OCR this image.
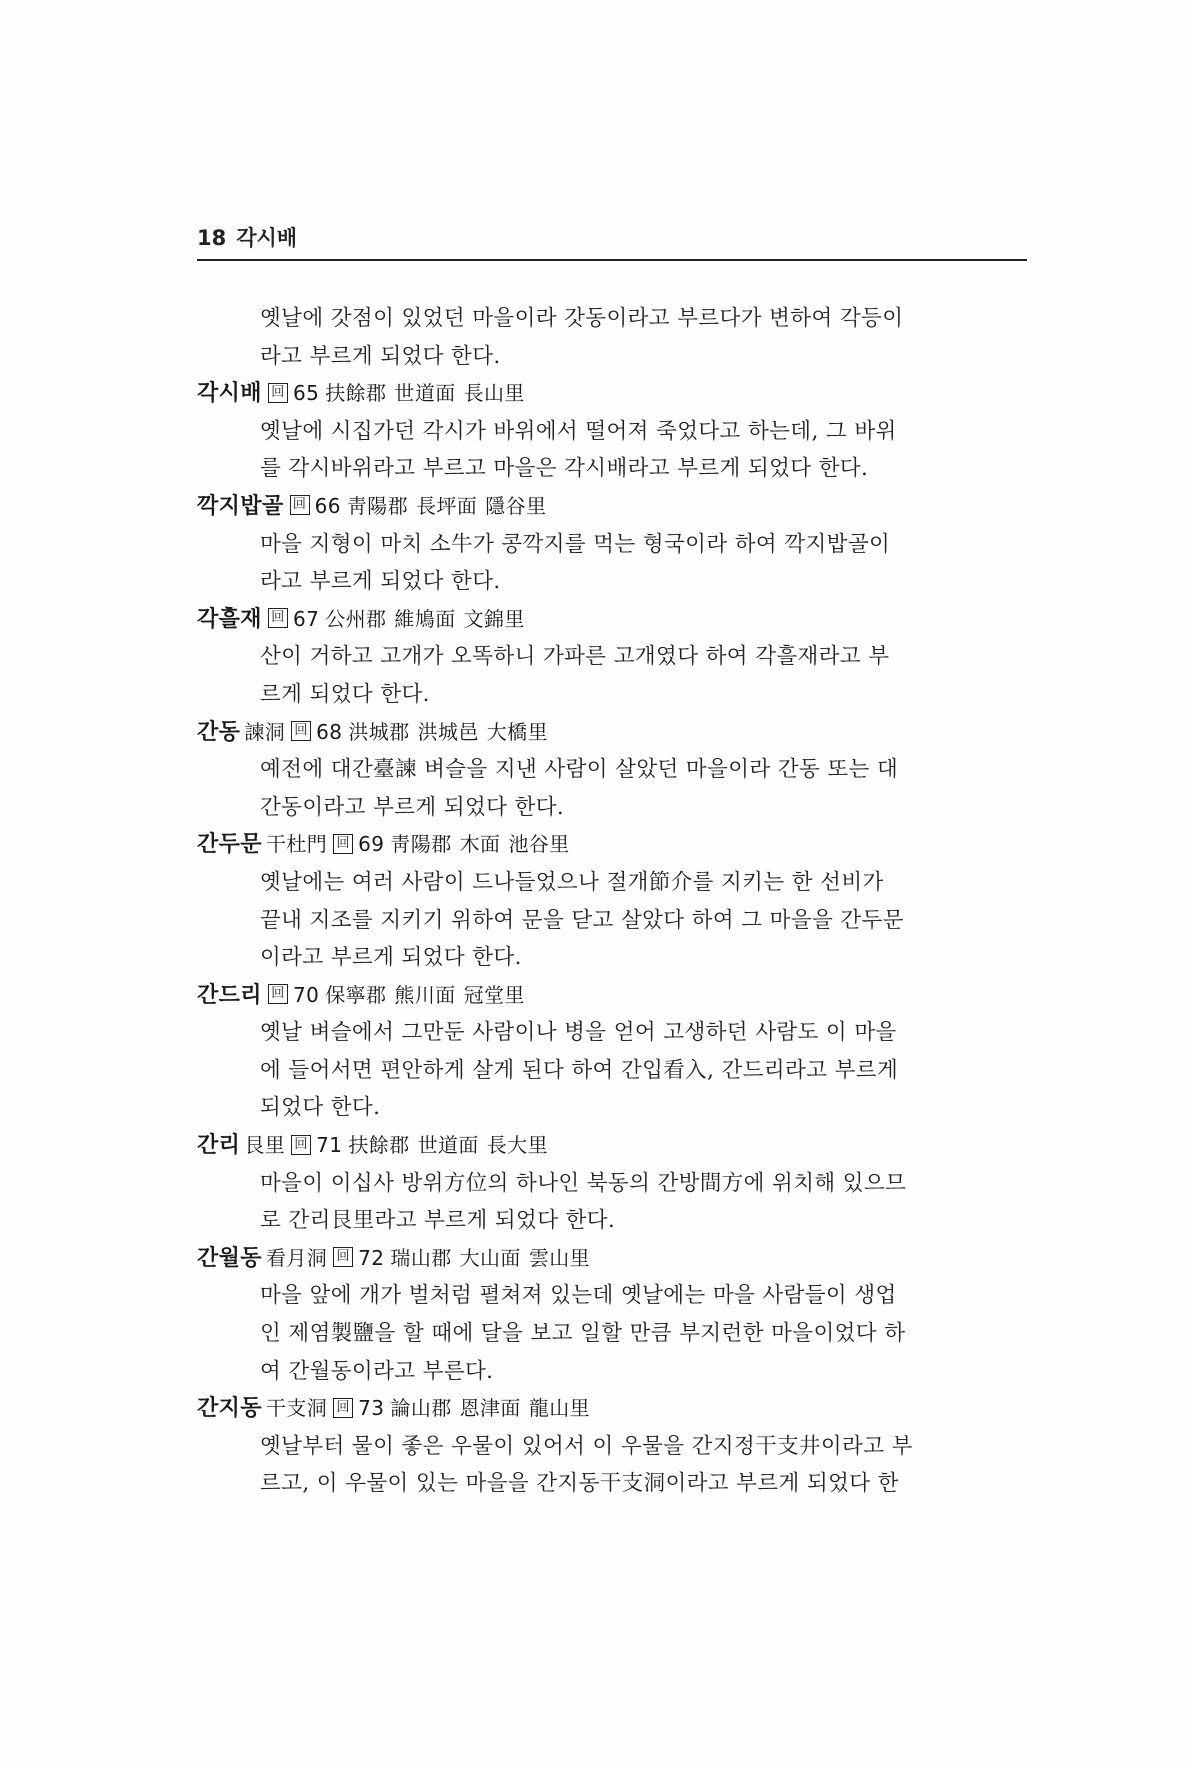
18 각시배
옛날에 갓점이 있었던 마을이라 갓동이라고 부르다가 변하여 각등이
라고 부르게 되었다 한다.
각시배 回 65 扶餘郡 世道面 長山里
옛날에 시집가던 각시가 바위에서 떨어져 죽었다고 하는데, 그 바위
를 각시바위라고 부르고 마을은 각시배라고 부르게 되었다 한다.
깍지밥골 回 66 靑陽郡 長坪面 隱谷里
마을 지형이 마치 소牛가 콩깍지를 먹는 형국이라 하여 깍지밥골이
라고 부르게 되었다 한다.
각흘재 回 67 公州郡 維鳩面 文錦里
산이 거하고 고개가 오똑하니 가파른 고개였다 하여 각흘재라고 부
르게 되었다 한다.
간동 諫洞 回 68 洪城郡 洪城邑 大橋里
예전에 대간臺諫 벼슬을 지낸 사람이 살았던 마을이라 간동 또는 대
간동이라고 부르게 되었다 한다.
간두문 干杜門 回 69 靑陽郡 木面 池谷里
옛날에는 여러 사람이 드나들었으나 절개節介를 지키는 한 선비가
끝내 지조를 지키기 위하여 문을 닫고 살았다 하여 그 마을을 간두문
이라고 부르게 되었다 한다.
간드리 回 70 保寧郡 熊川面 冠堂里
옛날 벼슬에서 그만둔 사람이나 병을 얻어 고생하던 사람도 이 마을
에 들어서면 편안하게 살게 된다 하여 간입看入, 간드리라고 부르게
되었다 한다.
간리 艮里 回 71 扶餘郡 世道面 長大里
마을이 이십사 방위方位의 하나인 북동의 간방間方에 위치해 있으므
로 간리艮里라고 부르게 되었다 한다.
간월동 看月洞 回 72 瑞山郡 大山面 雲山里
마을 앞에 개가 벌처럼 펼쳐져 있는데 옛날에는 마을 사람들이 생업
인 제염製鹽을 할 때에 달을 보고 일할 만큼 부지런한 마을이었다 하
여 간월동이라고 부른다.
간지동 干支洞 回 73 論山郡 恩津面 龍山里
옛날부터 물이 좋은 우물이 있어서 이 우물을 간지정干支井이라고 부
르고, 이 우물이 있는 마을을 간지동干支洞이라고 부르게 되었다 한
